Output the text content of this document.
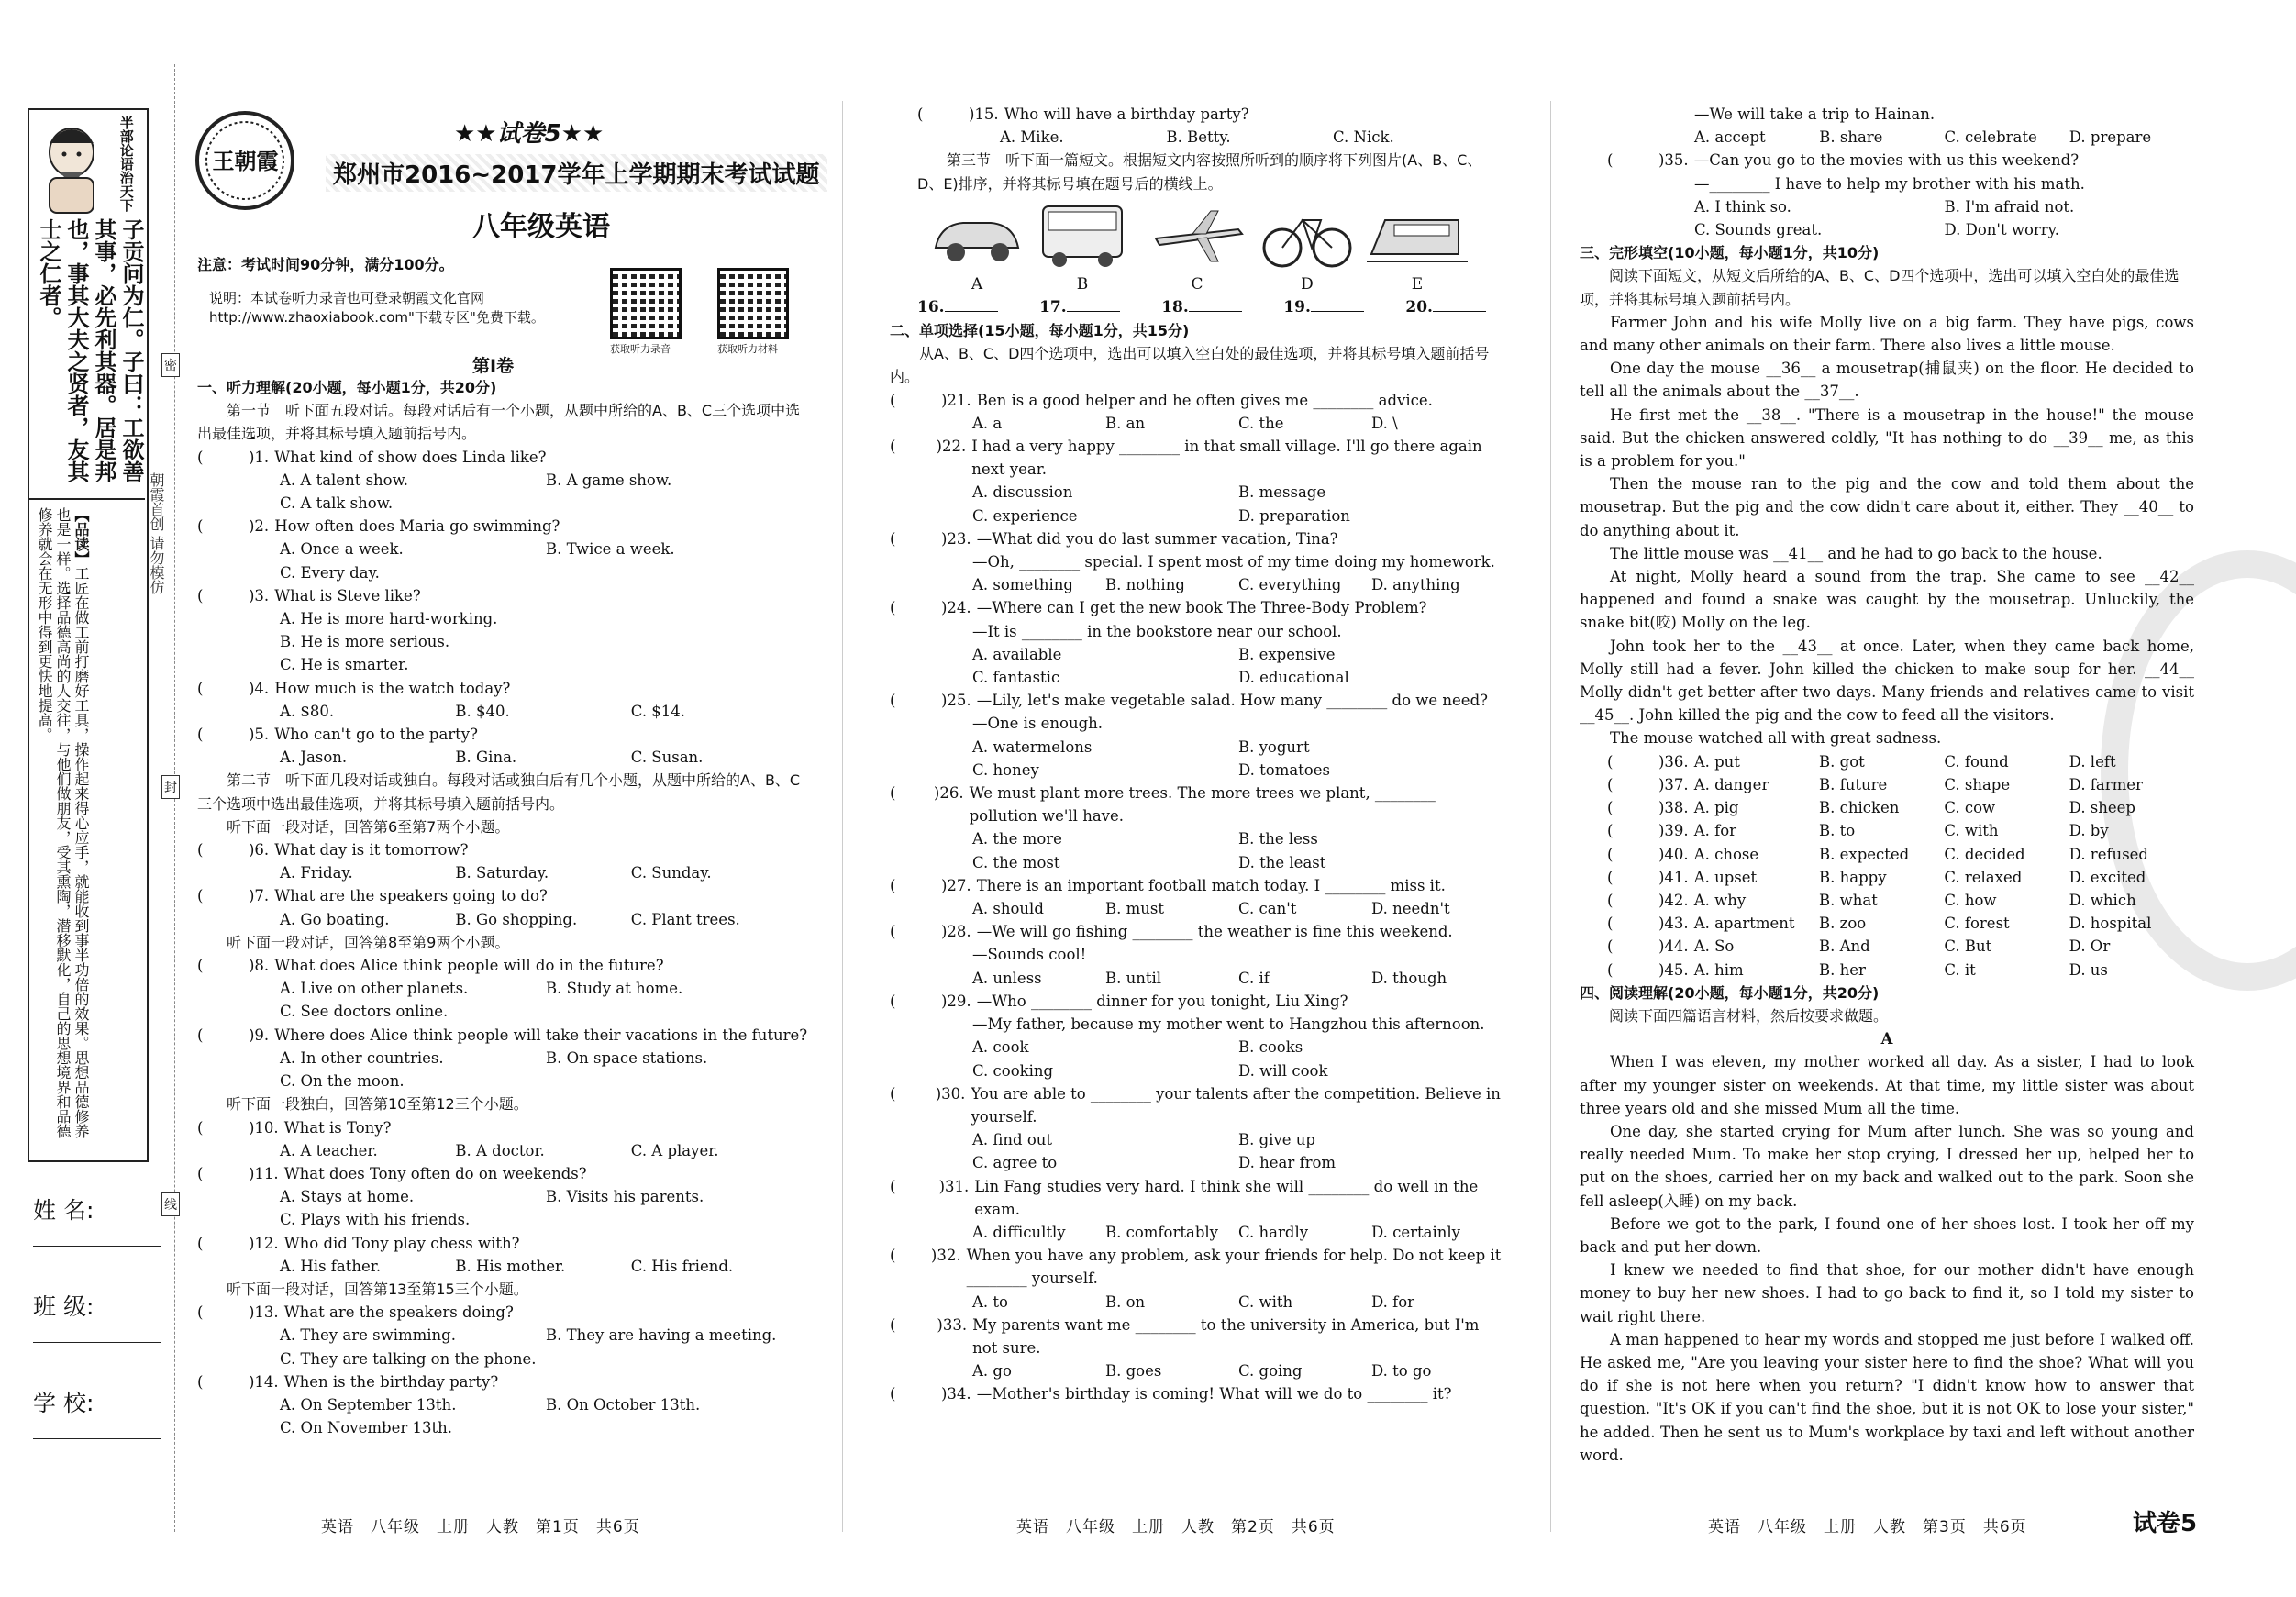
半部论语治天下
子贡问为仁。子曰：工欲善其事，必先利其器。居是邦也，事其大夫之贤者，友其士之仁者。
【品读】工匠在做工前打磨好工具，操作起来得心应手，就能收到事半功倍的效果。思想品德修养也是一样。选择品德高尚的人交往，与他们做朋友，受其熏陶，潜移默化，自己的思想境界和品德修养就会在无形中得到更快地提高。	朝霞首创 请勿模仿
密
封
线
姓 名:
班 级:
学 校:
王朝霞
★★试卷5★★
郑州市2016~2017学年上学期期末考试试题
八年级英语
注意：考试时间90分钟，满分100分。
说明：本试卷听力录音也可登录朝霞文化官网 http://www.zhaoxiabook.com"下载专区"免费下载。
获取听力录音	获取听力材料
第Ⅰ卷

一、听力理解(20小题，每小题1分，共20分)

第一节　听下面五段对话。每段对话后有一个小题，从题中所给的A、B、C三个选项中选出最佳选项，并将其标号填入题前括号内。

(	)1. What kind of show does Linda like?
A. A talent show.	B. A game show.
C. A talk show.
(	)2. How often does Maria go swimming?
A. Once a week.	B. Twice a week.
C. Every day.
(	)3. What is Steve like?
A. He is more hard-working.
B. He is more serious.
C. He is smarter.
(	)4. How much is the watch today?
A. $80.	B. $40.	C. $14.
(	)5. Who can't go to the party?
A. Jason.	B. Gina.	C. Susan.

第二节　听下面几段对话或独白。每段对话或独白后有几个小题，从题中所给的A、B、C三个选项中选出最佳选项，并将其标号填入题前括号内。

听下面一段对话，回答第6至第7两个小题。

(	)6. What day is it tomorrow?
A. Friday.	B. Saturday.	C. Sunday.
(	)7. What are the speakers going to do?
A. Go boating.	B. Go shopping.	C. Plant trees.

听下面一段对话，回答第8至第9两个小题。

(	)8. What does Alice think people will do in the future?
A. Live on other planets.	B. Study at home.
C. See doctors online.
(	)9. Where does Alice think people will take their vacations in the future?
A. In other countries.	B. On space stations.
C. On the moon.

听下面一段独白，回答第10至第12三个小题。

(	)10. What is Tony?
A. A teacher.	B. A doctor.	C. A player.
(	)11. What does Tony often do on weekends?
A. Stays at home.	B. Visits his parents.
C. Plays with his friends.
(	)12. Who did Tony play chess with?
A. His father.	B. His mother.	C. His friend.

听下面一段对话，回答第13至第15三个小题。

(	)13. What are the speakers doing?
A. They are swimming.	B. They are having a meeting.
C. They are talking on the phone.
(	)14. When is the birthday party?
A. On September 13th.	B. On October 13th.
C. On November 13th.
英语　八年级　上册　人教　第1页　共6页
(	)15. Who will have a birthday party?
A. Mike.	B. Betty.	C. Nick.

第三节　听下面一篇短文。根据短文内容按照所听到的顺序将下列图片(A、B、C、D、E)排序，并将其标号填在题号后的横线上。

A	B	C	D	E
16.	17.	18.	19.	20.

二、单项选择(15小题，每小题1分，共15分)

从A、B、C、D四个选项中，选出可以填入空白处的最佳选项，并将其标号填入题前括号内。

(	)21. Ben is a good helper and he often gives me ________ advice.
A. a	B. an	C. the	D. \
(	)22. I had a very happy ________ in that small village. I'll go there again next year.
A. discussion	B. message
C. experience	D. preparation
(	)23. —What did you do last summer vacation, Tina?
—Oh, ________ special. I spent most of my time doing my homework.
A. something	B. nothing	C. everything	D. anything
(	)24. —Where can I get the new book The Three-Body Problem?
—It is ________ in the bookstore near our school.
A. available	B. expensive
C. fantastic	D. educational
(	)25. —Lily, let's make vegetable salad. How many ________ do we need?
—One is enough.
A. watermelons	B. yogurt
C. honey	D. tomatoes
(	)26. We must plant more trees. The more trees we plant, ________ pollution we'll have.
A. the more	B. the less
C. the most	D. the least
(	)27. There is an important football match today. I ________ miss it.
A. should	B. must	C. can't	D. needn't
(	)28. —We will go fishing ________ the weather is fine this weekend.
—Sounds cool!
A. unless	B. until	C. if	D. though
(	)29. —Who ________ dinner for you tonight, Liu Xing?
—My father, because my mother went to Hangzhou this afternoon.
A. cook	B. cooks
C. cooking	D. will cook
(	)30. You are able to ________ your talents after the competition. Believe in yourself.
A. find out	B. give up
C. agree to	D. hear from
(	)31. Lin Fang studies very hard. I think she will ________ do well in the exam.
A. difficultly	B. comfortably	C. hardly	D. certainly
(	)32. When you have any problem, ask your friends for help. Do not keep it ________ yourself.
A. to	B. on	C. with	D. for
(	)33. My parents want me ________ to the university in America, but I'm not sure.
A. go	B. goes	C. going	D. to go
(	)34. —Mother's birthday is coming! What will we do to ________ it?
英语　八年级　上册　人教　第2页　共6页
—We will take a trip to Hainan.
A. accept	B. share	C. celebrate	D. prepare
(	)35. —Can you go to the movies with us this weekend?
—________ I have to help my brother with his math.
A. I think so.	B. I'm afraid not.
C. Sounds great.	D. Don't worry.

三、完形填空(10小题，每小题1分，共10分)

阅读下面短文，从短文后所给的A、B、C、D四个选项中，选出可以填入空白处的最佳选项，并将其标号填入题前括号内。

Farmer John and his wife Molly live on a big farm. They have pigs, cows and many other animals on their farm. There also lives a little mouse.

One day the mouse __36__ a mousetrap(捕鼠夹) on the floor. He decided to tell all the animals about the __37__.

He first met the __38__. "There is a mousetrap in the house!" the mouse said. But the chicken answered coldly, "It has nothing to do __39__ me, as this is a problem for you."

Then the mouse ran to the pig and the cow and told them about the mousetrap. But the pig and the cow didn't care about it, either. They __40__ to do anything about it.

The little mouse was __41__ and he had to go back to the house.

At night, Molly heard a sound from the trap. She came to see __42__ happened and found a snake was caught by the mousetrap. Unluckily, the snake bit(咬) Molly on the leg.

John took her to the __43__ at once. Later, when they came back home, Molly still had a fever. John killed the chicken to make soup for her. __44__ Molly didn't get better after two days. Many friends and relatives came to visit __45__. John killed the pig and the cow to feed all the visitors.

The mouse watched all with great sadness.

(	)36. A. put	B. got	C. found	D. left
(	)37. A. danger	B. future	C. shape	D. farmer
(	)38. A. pig	B. chicken	C. cow	D. sheep
(	)39. A. for	B. to	C. with	D. by
(	)40. A. chose	B. expected	C. decided	D. refused
(	)41. A. upset	B. happy	C. relaxed	D. excited
(	)42. A. why	B. what	C. how	D. which
(	)43. A. apartment	B. zoo	C. forest	D. hospital
(	)44. A. So	B. And	C. But	D. Or
(	)45. A. him	B. her	C. it	D. us

四、阅读理解(20小题，每小题1分，共20分)

阅读下面四篇语言材料，然后按要求做题。

A

When I was eleven, my mother worked all day. As a sister, I had to look after my younger sister on weekends. At that time, my little sister was about three years old and she missed Mum all the time.

One day, she started crying for Mum after lunch. She was so young and really needed Mum. To make her stop crying, I dressed her up, helped her to put on the shoes, carried her on my back and walked out to the park. Soon she fell asleep(入睡) on my back.

Before we got to the park, I found one of her shoes lost. I took her off my back and put her down.

I knew we needed to find that shoe, for our mother didn't have enough money to buy her new shoes. I had to go back to find it, so I told my sister to wait right there.

A man happened to hear my words and stopped me just before I walked off. He asked me, "Are you leaving your sister here to find the shoe? What will you do if she is not here when you return? "I didn't know how to answer that question. "It's OK if you can't find the shoe, but it is not OK to lose your sister," he added. Then he sent us to Mum's workplace by taxi and left without another word.

英语　八年级　上册　人教　第3页　共6页	试卷5
